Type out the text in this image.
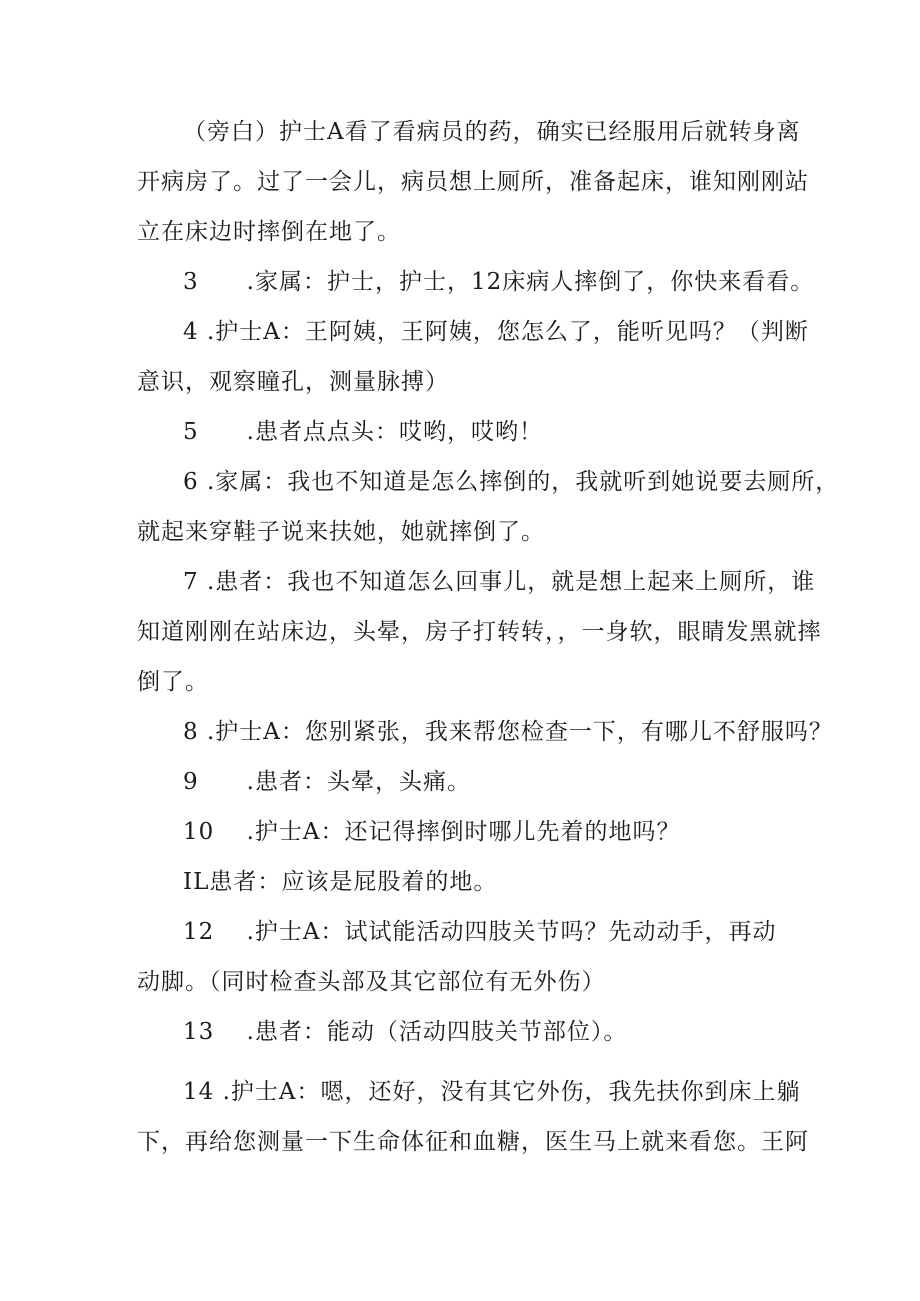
（旁白）护士A看了看病员的药，确实已经服用后就转身离
开病房了。过了一会儿，病员想上厕所，准备起床，谁知刚刚站
立在床边时摔倒在地了。
3　　.家属：护士，护士，12床病人摔倒了，你快来看看。
4 .护士A：王阿姨，王阿姨，您怎么了，能听见吗？（判断
意识，观察瞳孔，测量脉搏）
5　　.患者点点头：哎哟，哎哟！
6 .家属：我也不知道是怎么摔倒的，我就听到她说要去厕所，
就起来穿鞋子说来扶她，她就摔倒了。
7 .患者：我也不知道怎么回事儿，就是想上起来上厕所，谁
知道刚刚在站床边，头晕，房子打转转，，一身软，眼睛发黑就摔
倒了。
8 .护士A：您别紧张，我来帮您检查一下，有哪儿不舒服吗？
9　　.患者：头晕，头痛。
10　 .护士A：还记得摔倒时哪儿先着的地吗？
IL患者：应该是屁股着的地。
12　 .护士A：试试能活动四肢关节吗？先动动手，再动
动脚。（同时检查头部及其它部位有无外伤）
13　 .患者：能动（活动四肢关节部位）。
14 .护士A：嗯，还好，没有其它外伤，我先扶你到床上躺
下，再给您测量一下生命体征和血糖，医生马上就来看您。王阿
